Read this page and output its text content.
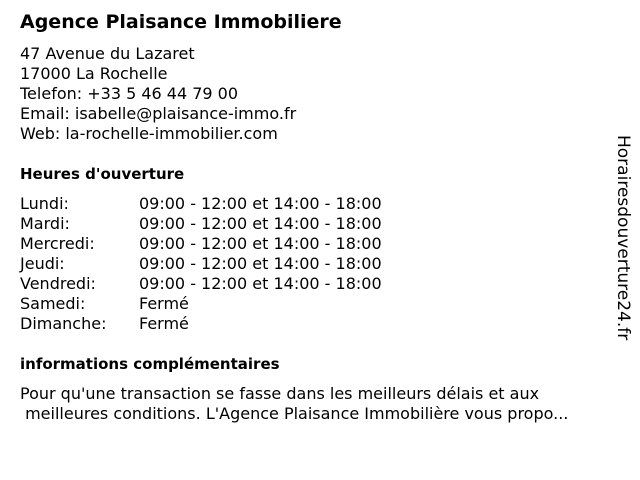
Agence Plaisance Immobiliere
47 Avenue du Lazaret
17000 La Rochelle
Telefon: +33 5 46 44 79 00
Email: isabelle@plaisance-immo.fr
Web: la-rochelle-immobilier.com
Heures d'ouverture
Lundi:	09:00 - 12:00 et 14:00 - 18:00
Mardi:	09:00 - 12:00 et 14:00 - 18:00
Mercredi:	09:00 - 12:00 et 14:00 - 18:00
Jeudi:	09:00 - 12:00 et 14:00 - 18:00
Vendredi:	09:00 - 12:00 et 14:00 - 18:00
Samedi:	Fermé
Dimanche:	Fermé
informations complémentaires
Pour qu'une transaction se fasse dans les meilleurs délais et aux
meilleures conditions. L'Agence Plaisance Immobilière vous propo...
Horairesdouverture24.fr
